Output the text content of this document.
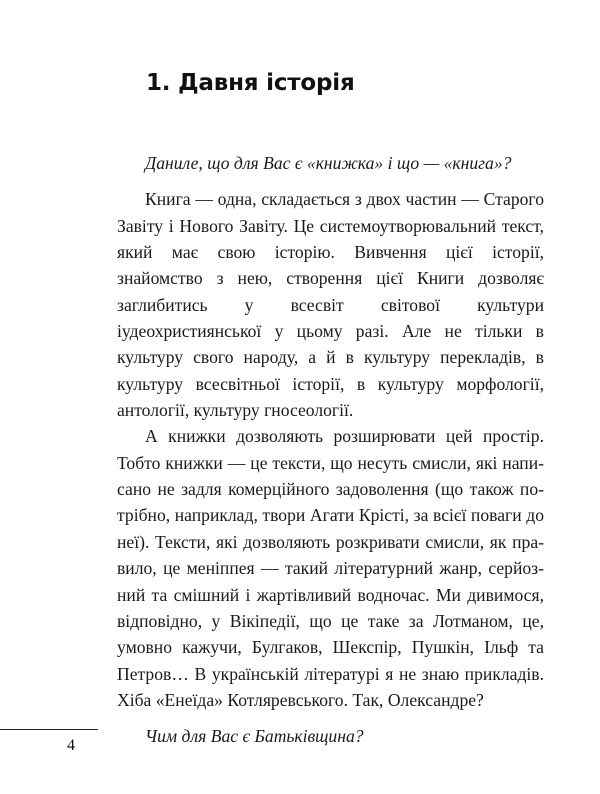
1. Давня історія

Даниле, що для Вас є «книжка» і що — «книга»?

Книга — одна, складається з двох частин — Старого Завіту і Нового Завіту. Це системоутворювальний текст, який має свою історію. Вивчення цієї історії, знайомство з нею, створення цієї Книги дозволяє заглибитись у всесвіт світової культури іудеохристиянської у цьому разі. Але не тільки в культуру свого народу, а й в культуру перекладів, в культуру всесвітньої історії, в культуру морфології, антології, культуру гносеології.

А книжки дозволяють розширювати цей простір. Тобто книжки — це тексти, що несуть смисли, які написано не задля комерційного задоволення (що також потрібно, наприклад, твори Агати Крісті, за всієї поваги до неї). Тексти, які дозволяють розкривати смисли, як правило, це меніппея — такий літературний жанр, серйозний та смішний і жартівливий водночас. Ми дивимося, відповідно, у Вікіпедії, що це таке за Лотманом, це, умовно кажучи, Булгаков, Шекспір, Пушкін, Ільф та Петров… В українській літературі я не знаю прикладів. Хіба «Енеїда» Котляревського. Так, Олександре?

Чим для Вас є Батьківщина?

4
